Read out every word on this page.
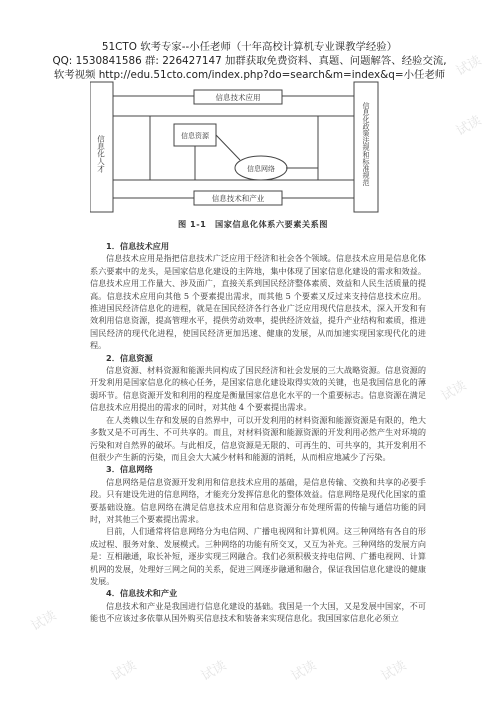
试读
试读
试读
试读
试读	试读	试读	试读
51CTO 软考专家--小任老师（十年高校计算机专业课教学经验）
QQ: 1530841586 群: 226427147 加群获取免费资料、真题、问题解答、经验交流,
软考视频 http://edu.51cto.com/index.php?do=search&m=index&q=小任老师
信息技术应用
信息技术和产业
信息资源
信息网络
信息化人才	信息化政策法规和标准规范
图 1-1　国家信息化体系六要素关系图
1．信息技术应用

信息技术应用是指把信息技术广泛应用于经济和社会各个领域。信息技术应用是信息化体系六要素中的龙头，是国家信息化建设的主阵地，集中体现了国家信息化建设的需求和效益。信息技术应用工作量大、涉及面广，直接关系到国民经济整体素质、效益和人民生活质量的提高。信息技术应用向其他 5 个要素提出需求，而其他 5 个要素又反过来支持信息技术应用。推进国民经济信息化的进程，就是在国民经济各行各业广泛应用现代信息技术，深入开发和有效利用信息资源，提高管理水平，提供劳动效率，提供经济效益，提升产业结构和素质，推进国民经济的现代化进程，使国民经济更加迅速、健康的发展，从而加速实现国家现代化的进程。

2．信息资源

信息资源、材料资源和能源共同构成了国民经济和社会发展的三大战略资源。信息资源的开发利用是国家信息化的核心任务，是国家信息化建设取得实效的关键，也是我国信息化的薄弱环节。信息资源开发和利用的程度是衡量国家信息化水平的一个重要标志。信息资源在满足信息技术应用提出的需求的同时，对其他 4 个要素提出需求。

在人类赖以生存和发展的自然界中，可以开发利用的材料资源和能源资源是有限的，绝大多数又是不可再生、不可共享的。而且，对材料资源和能源资源的开发利用必然产生对环境的污染和对自然界的破坏。与此相反，信息资源是无限的、可再生的、可共享的，其开发利用不但很少产生新的污染，而且会大大减少材料和能源的消耗，从而相应地减少了污染。

3．信息网络

信息网络是信息资源开发利用和信息技术应用的基础，是信息传输、交换和共享的必要手段。只有建设先进的信息网络，才能充分发挥信息化的整体效益。信息网络是现代化国家的重要基础设施。信息网络在满足信息技术应用和信息资源分布处理所需的传输与通信功能的同时，对其他三个要素提出需求。

目前，人们通常将信息网络分为电信网、广播电视网和计算机网。这三种网络有各自的形成过程、服务对象、发展模式。三种网络的功能有所交叉，又互为补充。三种网络的发展方向是：互相融通，取长补短，逐步实现三网融合。我们必须积极支持电信网、广播电视网、计算机网的发展，处理好三网之间的关系，促进三网逐步融通和融合，保证我国信息化建设的健康发展。

4．信息技术和产业

信息技术和产业是我国进行信息化建设的基础。我国是一个大国，又是发展中国家，不可能也不应该过多依靠从国外购买信息技术和装备来实现信息化。我国国家信息化必须立
